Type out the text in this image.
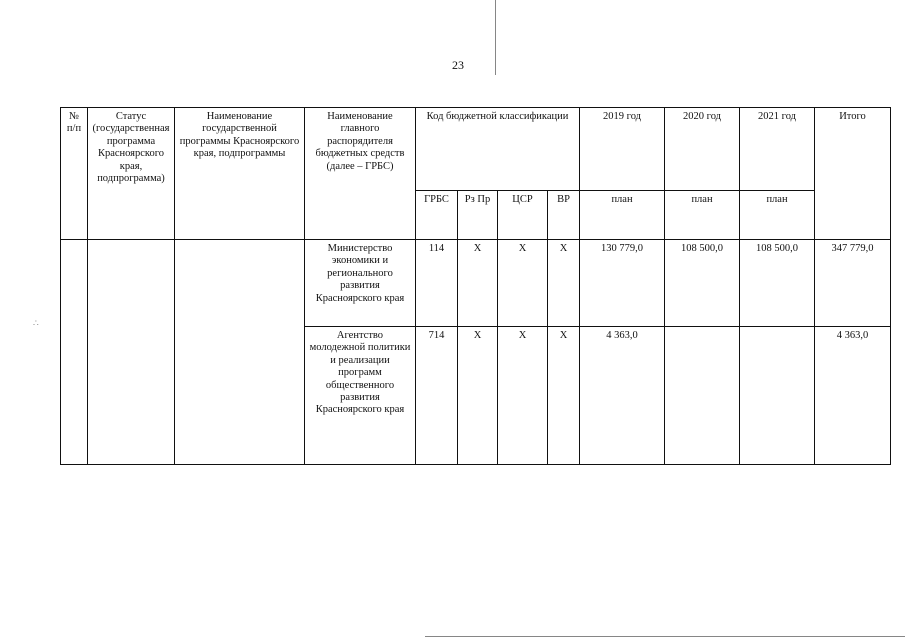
∴
23
№ п/п	Статус (государственная программа Красноярского края, подпрограмма)	Наименование государственной программы Красноярского края, подпрограммы	Наименование главного распорядителя бюджетных средств (далее – ГРБС)	Код бюджетной классификации				2019 год	2020 год	2021 год	Итого
				ГРБС	Рз Пр	ЦСР	ВР	план	план	план	
			Министерство экономики и регионального развития Красноярского края	114	Х	Х	Х	130 779,0	108 500,0	108 500,0	347 779,0
			Агентство молодежной политики и реализации программ общественного развития Красноярского края	714	Х	Х	Х	4 363,0			4 363,0
